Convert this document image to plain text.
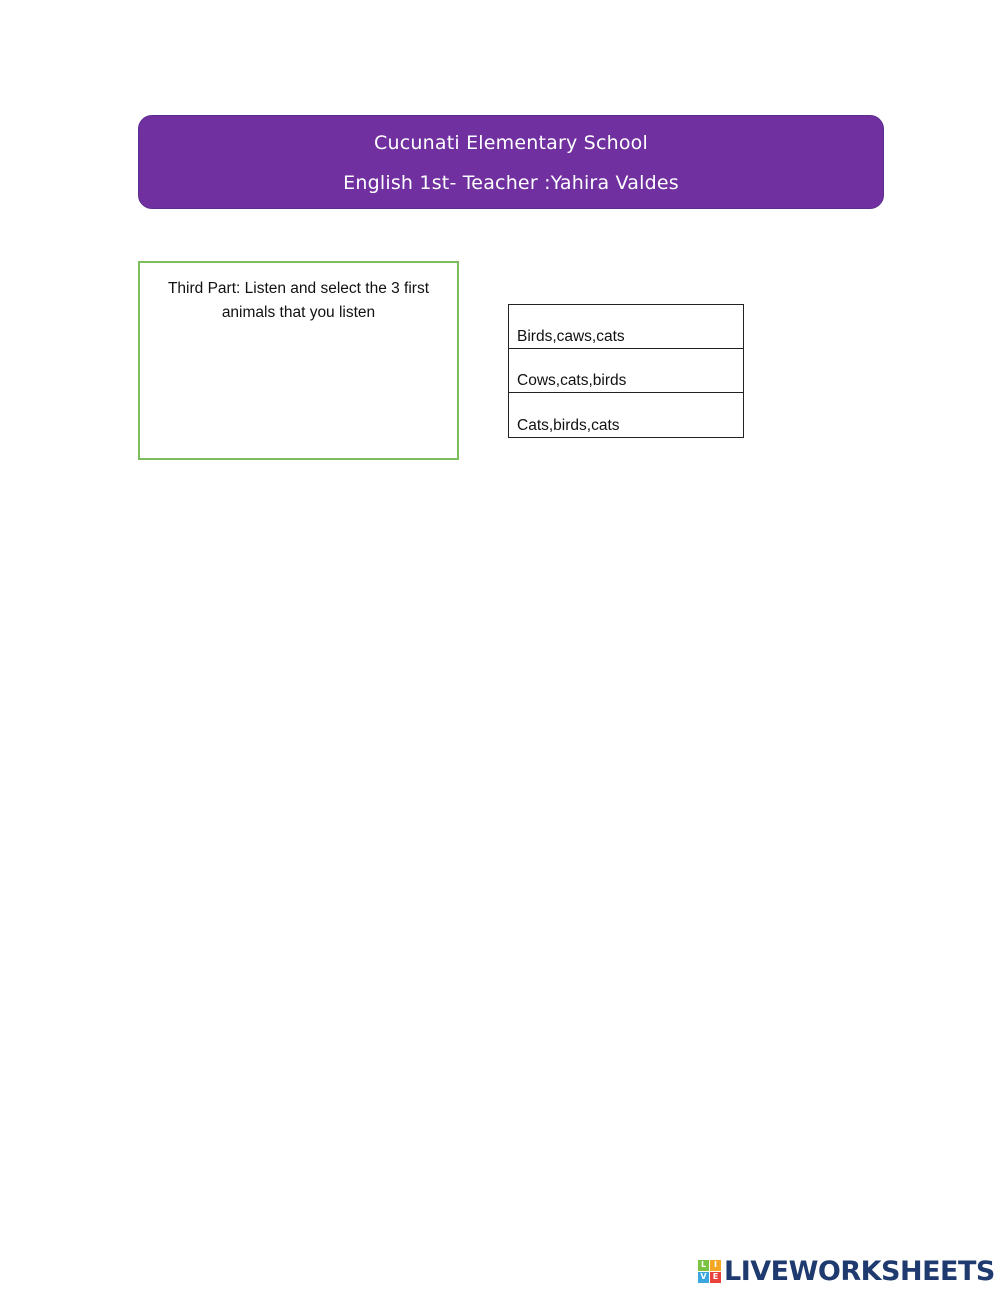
Cucunati Elementary School
English 1st- Teacher :Yahira Valdes
Third Part: Listen and select the 3 first animals that you listen
Birds,caws,cats
Cows,cats,birds
Cats,birds,cats
L I
V E LIVEWORKSHEETS
